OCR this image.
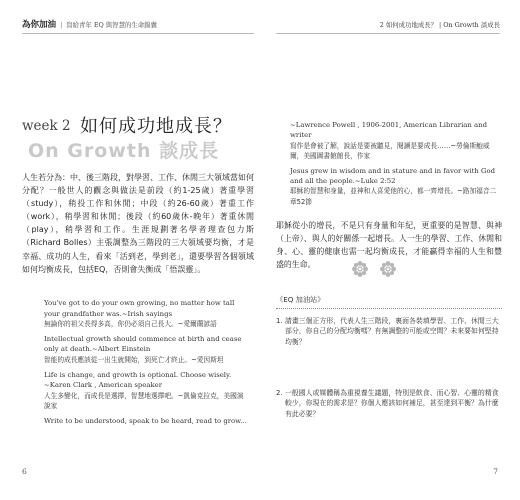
為你加油 | 寫給青年 EQ 與智慧的生命錦囊
week 2 如何成功地成長？
On Growth 談成長
人生若分為：中、後三階段，對學習、工作、休閒三大領域當如何分配？一般世人的觀念與做法是前段（約1-25歲）著重學習（study），稍投工作和休閒；中段（約26-60歲）著重工作（work），稍學習和休閒；後段（約60歲休-晚年）著重休閒（play），稍學習和工作。生涯規劃著名學者理查包力斯（Richard Bolles）主張調整為三階段的三大領域要均衡，才是幸福、成功的人生，看來「活到老，學到老」，還要學習各個領域如何均衡成長，包括EQ，否則會失衡成「悟誤靈」。
You've got to do your own growing, no matter how tall your grandfather was.~Irish sayings
無論你的祖父長得多高，你仍必須自己長大。~愛爾蘭諺語
Intellectual growth should commence at birth and cease only at death.~Albert Einstein
智能的成長應該從一出生就開始，到死亡才終止。~愛因斯坦
Life is change, and growth is optional. Choose wisely. ~Karen Clark , American speaker
人生多變化，而成長是選擇，智慧地選擇吧。~凱倫克拉克，美國演說家
Write to be understood, speak to be heard, read to grow...
6
2 如何成功地成長？ | On Growth 談成長
~Lawrence Powell , 1906-2001, American Librarian and writer
寫作是會被了解，說話是要被聽見，閱讀是要成長……~勞倫斯鮑威爾，美國圖書館館長，作家
Jesus grew in wisdom and in stature and in favor with God and all the people.~Luke 2:52
耶穌的智慧和身量，並神和人喜愛他的心，都一齊增長。~路加福音二章52節
耶穌從小的增長，不是只有身量和年紀，更重要的是智慧、與神（上帝）、與人的好關係一起增長。人一生的學習、工作、休閒和身、心、靈的健康也需一起均衡成長，才能贏得幸福的人生和豐盛的生命。
《EQ 加油站》
1. 請畫三個正方形，代表人生三階段，裏面各裝填學習、工作、休閒三大部分，你自己的分配均衡嗎？有無調整的可能或空間？未來要如何堅持均衡？
2. 一般國人或媒體稱為重視養生議題，特別是飲食、而心智、心靈的精食較少，你現在的需求是？你個人應該如何補足，甚至達到平衡？為什麼有此必要？
7
